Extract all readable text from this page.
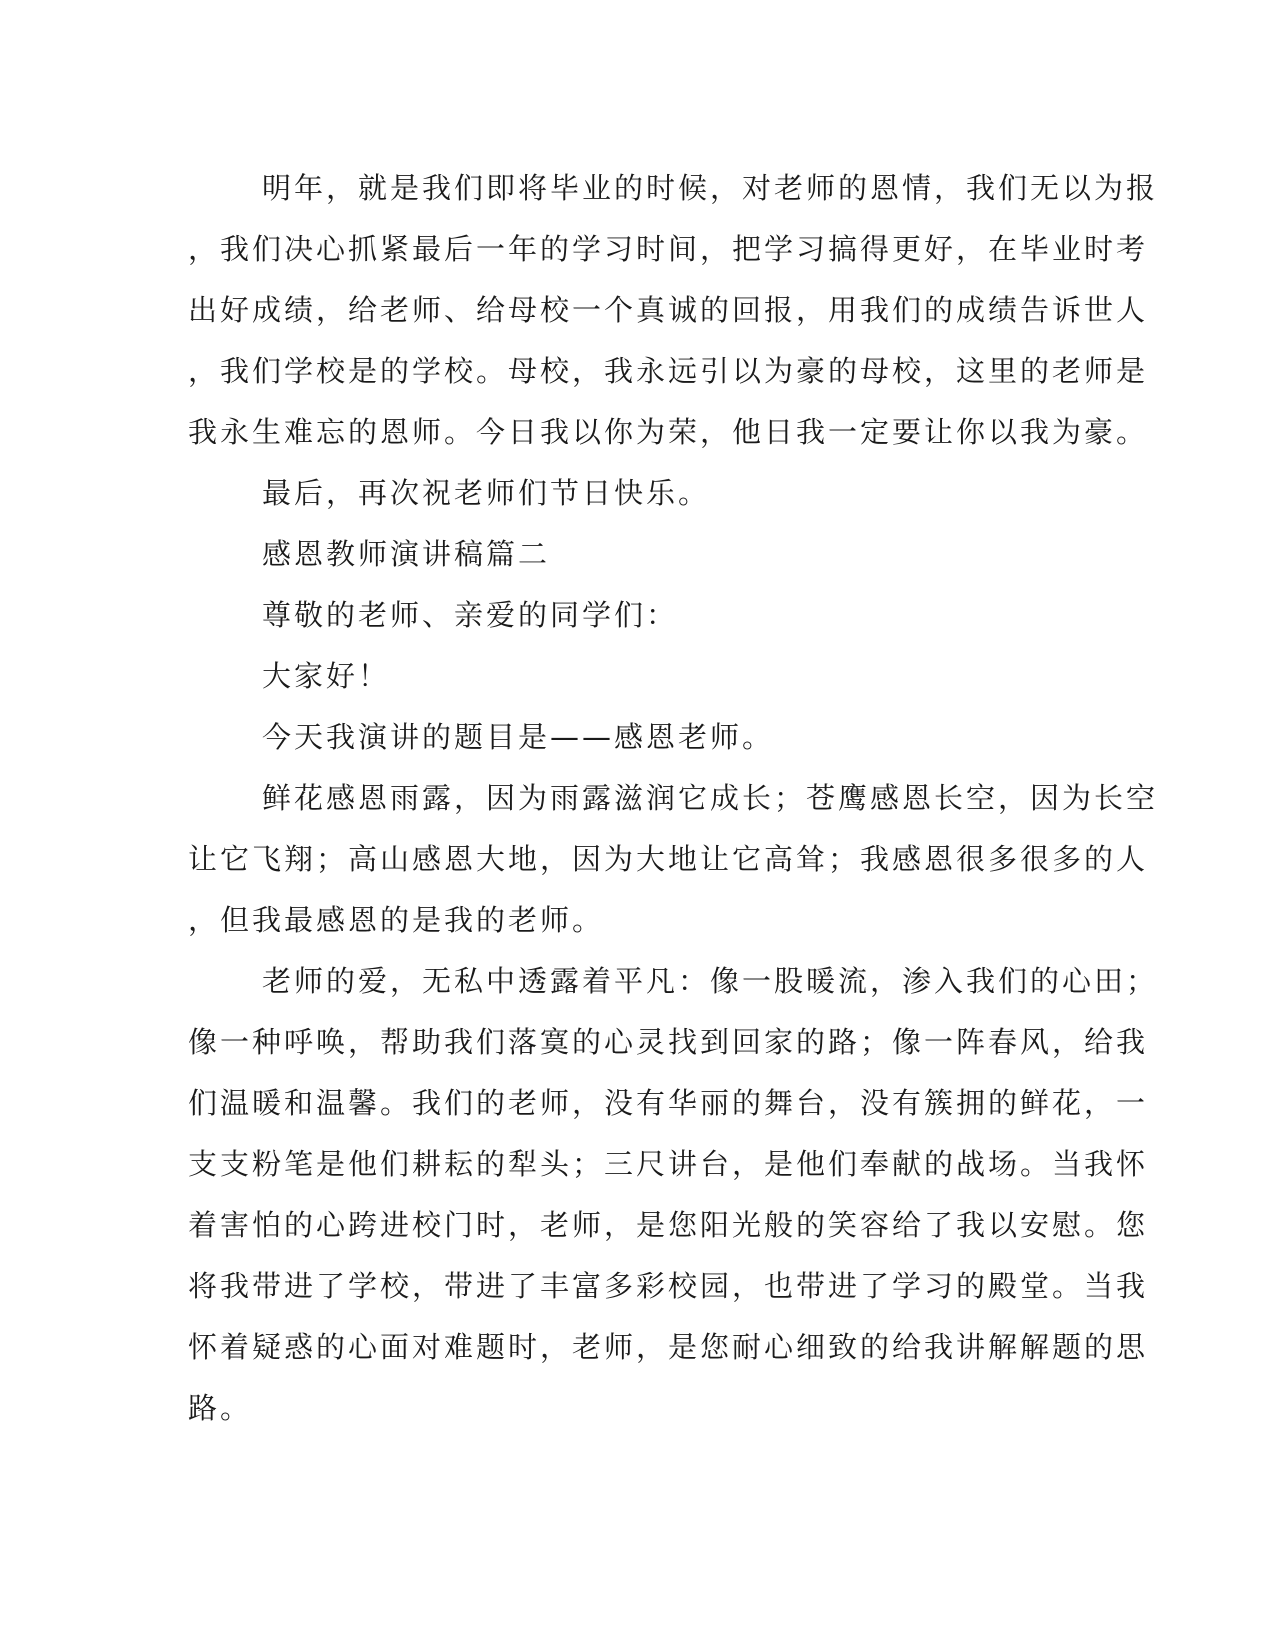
明年，就是我们即将毕业的时候，对老师的恩情，我们无以为报
，我们决心抓紧最后一年的学习时间，把学习搞得更好，在毕业时考
出好成绩，给老师、给母校一个真诚的回报，用我们的成绩告诉世人
，我们学校是的学校。母校，我永远引以为豪的母校，这里的老师是
我永生难忘的恩师。今日我以你为荣，他日我一定要让你以我为豪。
最后，再次祝老师们节日快乐。
感恩教师演讲稿篇二
尊敬的老师、亲爱的同学们：
大家好！
今天我演讲的题目是——感恩老师。
鲜花感恩雨露，因为雨露滋润它成长；苍鹰感恩长空，因为长空
让它飞翔；高山感恩大地，因为大地让它高耸；我感恩很多很多的人
，但我最感恩的是我的老师。
老师的爱，无私中透露着平凡：像一股暖流，渗入我们的心田；
像一种呼唤，帮助我们落寞的心灵找到回家的路；像一阵春风，给我
们温暖和温馨。我们的老师，没有华丽的舞台，没有簇拥的鲜花，一
支支粉笔是他们耕耘的犁头；三尺讲台，是他们奉献的战场。当我怀
着害怕的心跨进校门时，老师，是您阳光般的笑容给了我以安慰。您
将我带进了学校，带进了丰富多彩校园，也带进了学习的殿堂。当我
怀着疑惑的心面对难题时，老师，是您耐心细致的给我讲解解题的思
路。
